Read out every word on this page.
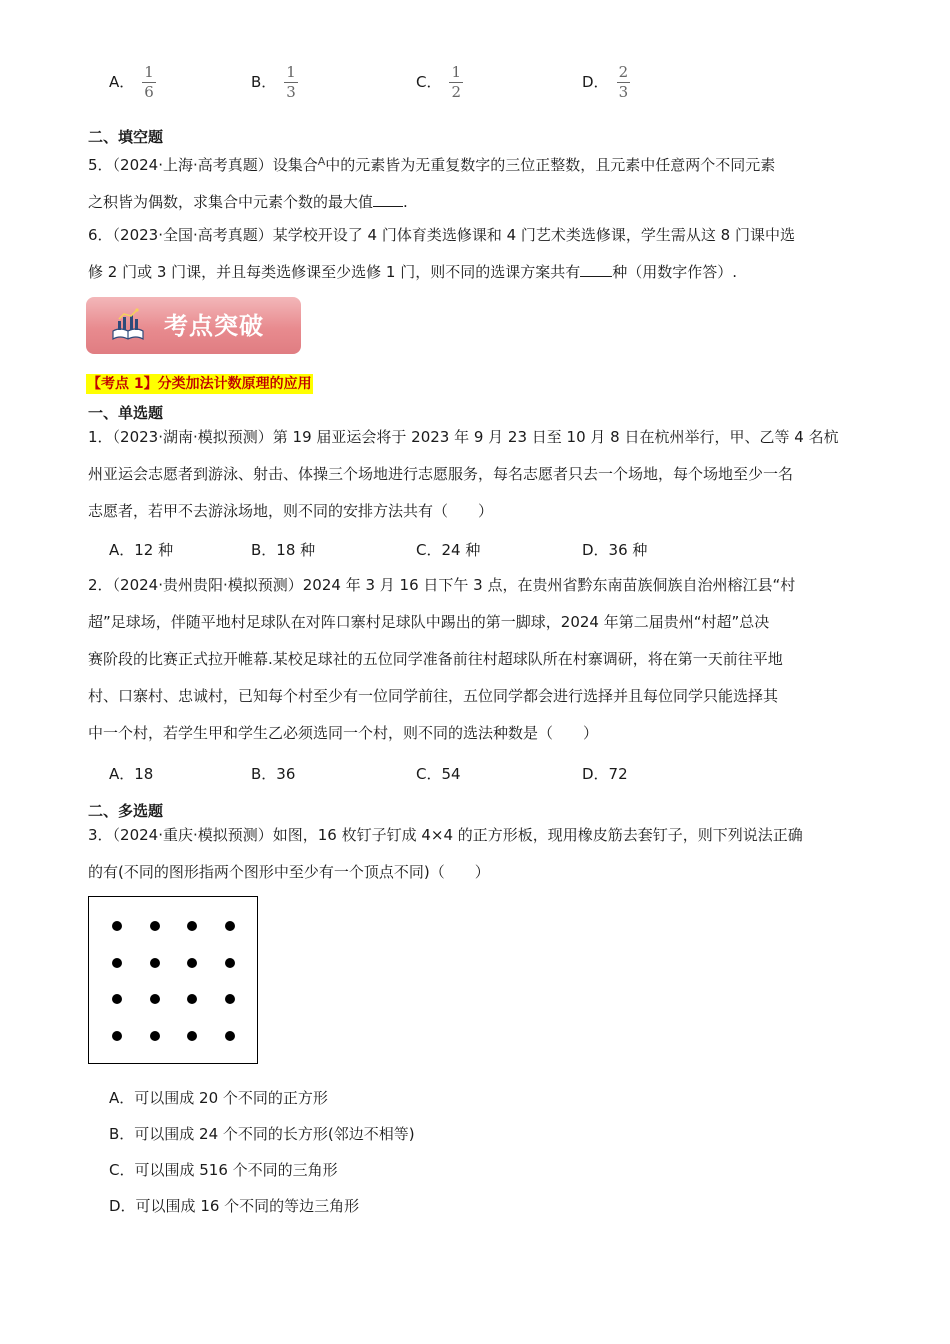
A． $\frac{1}{6}$	B． $\frac{1}{3}$	C． $\frac{1}{2}$	D． $\frac{2}{3}$
二、填空题
5．（2024·上海·高考真题）设集合$^A$中的元素皆为无重复数字的三位正整数，且元素中任意两个不同元素
之积皆为偶数，求集合中元素个数的最大值 .
6．（2023·全国·高考真题）某学校开设了 4 门体育类选修课和 4 门艺术类选修课，学生需从这 8 门课中选
修 2 门或 3 门课，并且每类选修课至少选修 1 门，则不同的选课方案共有 种（用数字作答）.
考点突破
【考点 1】分类加法计数原理的应用
一、单选题
1．（2023·湖南·模拟预测）第 19 届亚运会将于 2023 年 9 月 23 日至 10 月 8 日在杭州举行，甲、乙等 4 名杭
州亚运会志愿者到游泳、射击、体操三个场地进行志愿服务，每名志愿者只去一个场地，每个场地至少一名
志愿者，若甲不去游泳场地，则不同的安排方法共有（　　）
A．12 种	B．18 种	C．24 种	D．36 种
2．（2024·贵州贵阳·模拟预测）2024 年 3 月 16 日下午 3 点，在贵州省黔东南苗族侗族自治州榕江县“村
超”足球场，伴随平地村足球队在对阵口寨村足球队中踢出的第一脚球，2024 年第二届贵州“村超”总决
赛阶段的比赛正式拉开帷幕.某校足球社的五位同学准备前往村超球队所在村寨调研，将在第一天前往平地
村、口寨村、忠诚村，已知每个村至少有一位同学前往，五位同学都会进行选择并且每位同学只能选择其
中一个村，若学生甲和学生乙必须选同一个村，则不同的选法种数是（　　）
A．18	B．36	C．54	D．72
二、多选题
3．（2024·重庆·模拟预测）如图，16 枚钉子钉成 4×4 的正方形板，现用橡皮筋去套钉子，则下列说法正确
的有(不同的图形指两个图形中至少有一个顶点不同)（　　）
A．可以围成 20 个不同的正方形
B．可以围成 24 个不同的长方形(邻边不相等)
C．可以围成 516 个不同的三角形
D．可以围成 16 个不同的等边三角形
